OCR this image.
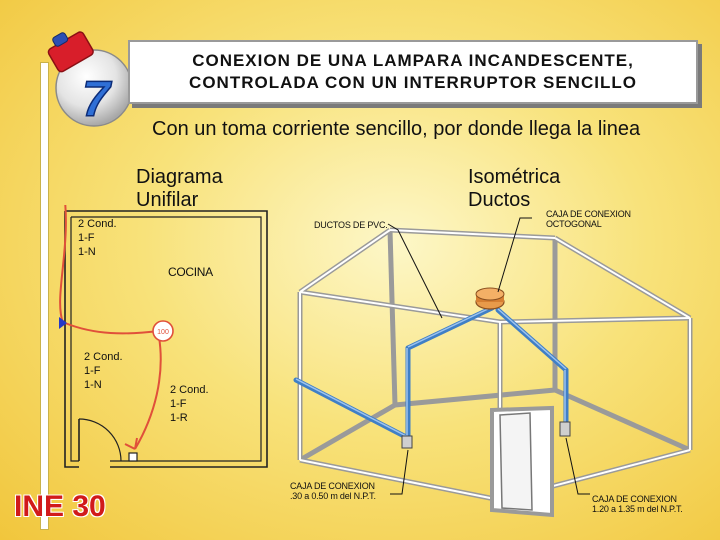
7
CONEXION DE UNA LAMPARA INCANDESCENTE,
CONTROLADA CON UN INTERRUPTOR SENCILLO
Con un toma corriente sencillo, por donde llega la linea
Diagrama
Unifilar
Isométrica
Ductos
100
2 Cond.
1-F
1-N
2 Cond.
1-F
1-N	2 Cond.
1-F
1-R
COCINA
DUCTOS DE PVC.
CAJA DE CONEXION
OCTOGONAL
CAJA DE CONEXION
.30 a 0.50 m del N.P.T.	CAJA DE CONEXION
1.20 a 1.35 m del N.P.T.
INE 30
